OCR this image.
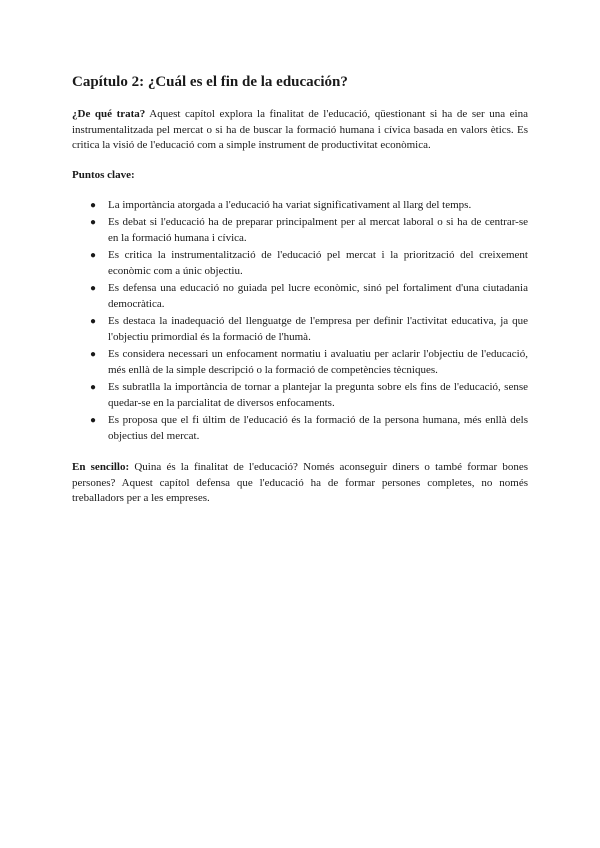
Capítulo 2: ¿Cuál es el fin de la educación?

¿De qué trata? Aquest capítol explora la finalitat de l'educació, qüestionant si ha de ser una eina instrumentalitzada pel mercat o si ha de buscar la formació humana i cívica basada en valors ètics. Es critica la visió de l'educació com a simple instrument de productivitat econòmica.

Puntos clave:
● La importància atorgada a l'educació ha variat significativament al llarg del temps.
● Es debat si l'educació ha de preparar principalment per al mercat laboral o si ha de centrar-se en la formació humana i cívica.
● Es critica la instrumentalització de l'educació pel mercat i la priorització del creixement econòmic com a únic objectiu.
● Es defensa una educació no guiada pel lucre econòmic, sinó pel fortaliment d'una ciutadania democràtica.
● Es destaca la inadequació del llenguatge de l'empresa per definir l'activitat educativa, ja que l'objectiu primordial és la formació de l'humà.
● Es considera necessari un enfocament normatiu i avaluatiu per aclarir l'objectiu de l'educació, més enllà de la simple descripció o la formació de competències tècniques.
● Es subratlla la importància de tornar a plantejar la pregunta sobre els fins de l'educació, sense quedar-se en la parcialitat de diversos enfocaments.
● Es proposa que el fi últim de l'educació és la formació de la persona humana, més enllà dels objectius del mercat.

En sencillo: Quina és la finalitat de l'educació? Només aconseguir diners o també formar bones persones? Aquest capítol defensa que l'educació ha de formar persones completes, no només treballadors per a les empreses.
